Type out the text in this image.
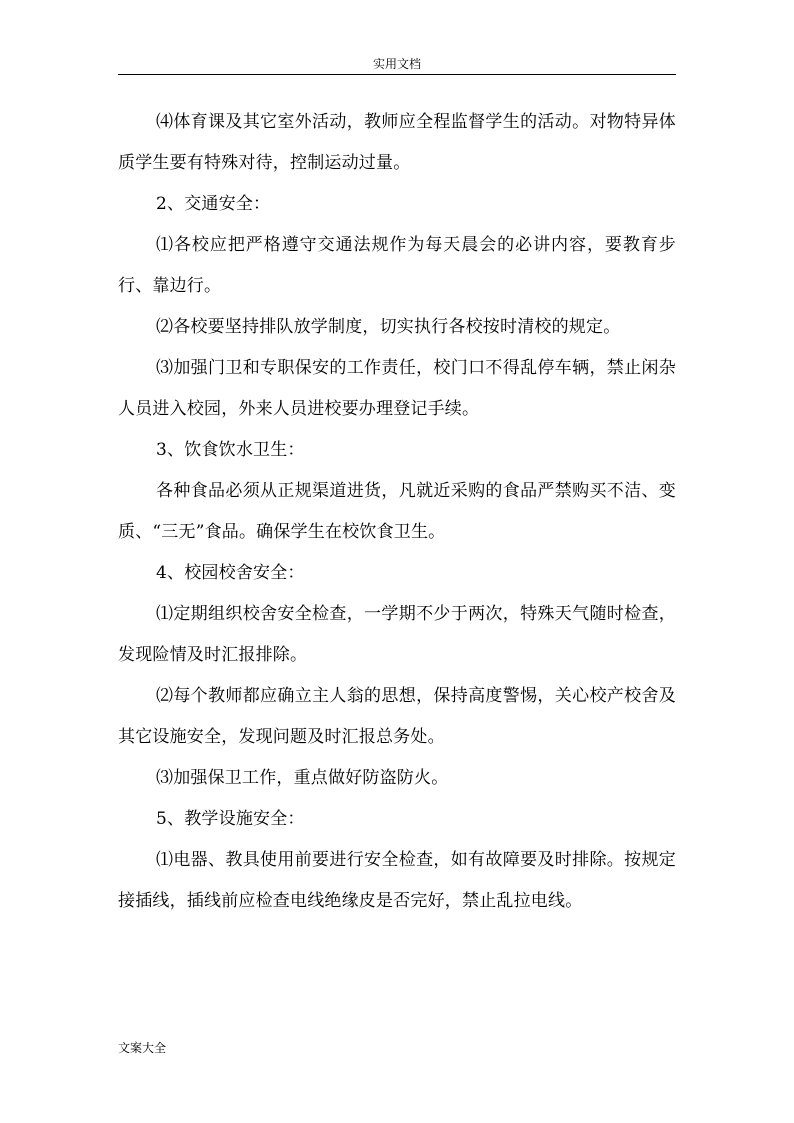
实用文档

⑷体育课及其它室外活动，教师应全程监督学生的活动。对物特异体质学生要有特殊对待，控制运动过量。

2、交通安全：

⑴各校应把严格遵守交通法规作为每天晨会的必讲内容，要教育步行、靠边行。

⑵各校要坚持排队放学制度，切实执行各校按时清校的规定。

⑶加强门卫和专职保安的工作责任，校门口不得乱停车辆，禁止闲杂人员进入校园，外来人员进校要办理登记手续。

3、饮食饮水卫生：

各种食品必须从正规渠道进货，凡就近采购的食品严禁购买不洁、变质、“三无”食品。确保学生在校饮食卫生。

4、校园校舍安全：

⑴定期组织校舍安全检查，一学期不少于两次，特殊天气随时检查，发现险情及时汇报排除。

⑵每个教师都应确立主人翁的思想，保持高度警惕，关心校产校舍及其它设施安全，发现问题及时汇报总务处。

⑶加强保卫工作，重点做好防盗防火。

5、教学设施安全：

⑴电器、教具使用前要进行安全检查，如有故障要及时排除。按规定接插线，插线前应检查电线绝缘皮是否完好，禁止乱拉电线。

文案大全
